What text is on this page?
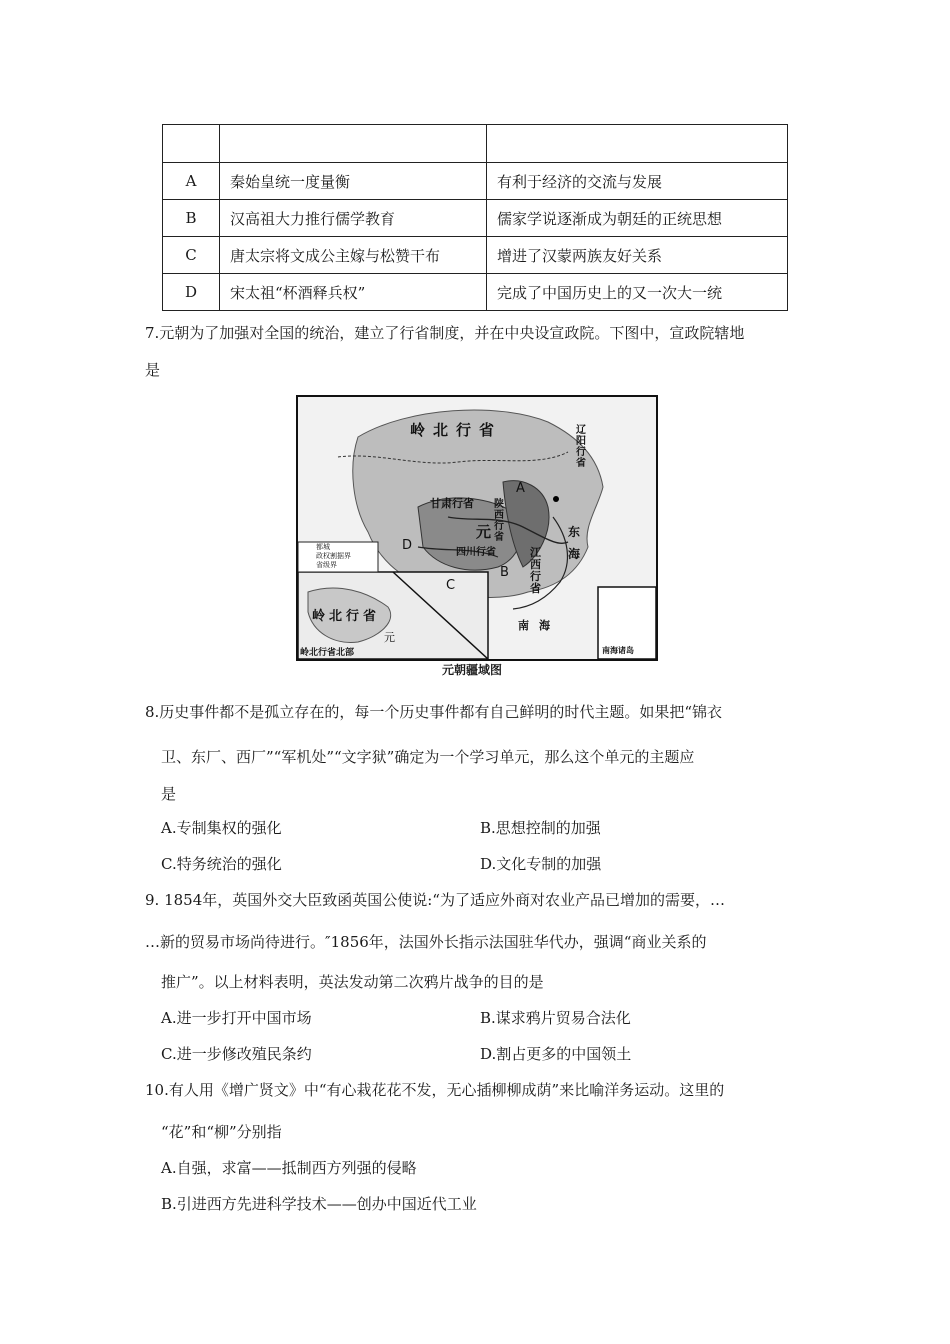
A	秦始皇统一度量衡	有利于经济的交流与发展
B	汉高祖大力推行儒学教育	儒家学说逐渐成为朝廷的正统思想
C	唐太宗将文成公主嫁与松赞干布	增进了汉蒙两族友好关系
D	宋太祖“杯酒释兵权”	完成了中国历史上的又一次大一统
7.元朝为了加强对全国的统治，建立了行省制度，并在中央设宣政院。下图中，宣政院辖地
是
岭北行省	辽阳行省
甘肃行省 陕西行省
元
四川行省	江西行省
东海
南海
A
B
C
D
岭北行省
元
岭北行省北部
都城
政权割据界
省级界
南海诸岛
元朝疆域图
8.历史事件都不是孤立存在的，每一个历史事件都有自己鲜明的时代主题。如果把“锦衣
卫、东厂、西厂”“军机处”“文字狱”确定为一个学习单元，那么这个单元的主题应
是
A.专制集权的强化	B.思想控制的加强
C.特务统治的强化	D.文化专制的加强
9. 1854年，英国外交大臣致函英国公使说:“为了适应外商对农业产品已增加的需要，…
…新的贸易市场尚待进行。″1856年，法国外长指示法国驻华代办，强调“商业关系的
推广”。以上材料表明，英法发动第二次鸦片战争的目的是
A.进一步打开中国市场	B.谋求鸦片贸易合法化
C.进一步修改殖民条约	D.割占更多的中国领土
10.有人用《增广贤文》中“有心栽花花不发，无心插柳柳成荫”来比喻洋务运动。这里的
“花”和“柳”分别指
A.自强，求富——抵制西方列强的侵略
B.引进西方先进科学技术——创办中国近代工业
